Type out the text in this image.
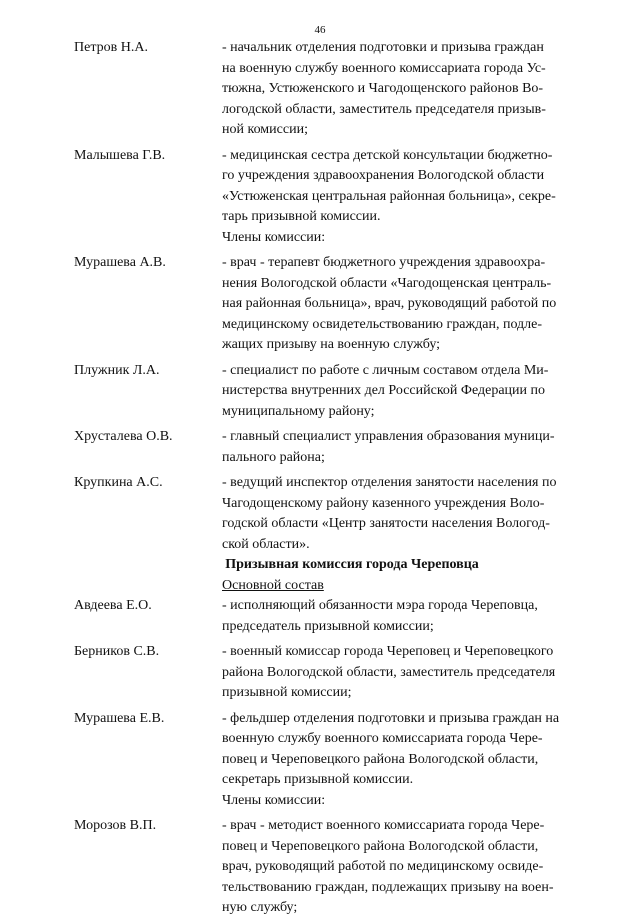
46
Петров Н.А.	- начальник отделения подготовки и призыва граждан
на военную службу военного комиссариата города Ус-
тюжна, Устюженского и Чагодощенского районов Во-
логодской области, заместитель председателя призыв-
ной комиссии;
Малышева Г.В.	- медицинская сестра детской консультации бюджетно-
го учреждения здравоохранения Вологодской области
«Устюженская центральная районная больница», секре-
тарь призывной комиссии.
Члены комиссии:
Мурашева А.В.	- врач - терапевт бюджетного учреждения здравоохра-
нения Вологодской области «Чагодощенская централь-
ная районная больница», врач, руководящий работой по
медицинскому освидетельствованию граждан, подле-
жащих призыву на военную службу;
Плужник Л.А.	- специалист по работе с личным составом отдела Ми-
нистерства внутренних дел Российской Федерации по
муниципальному району;
Хрусталева О.В.	- главный специалист управления образования муници-
пального района;
Крупкина А.С.	- ведущий инспектор отделения занятости населения по
Чагодощенскому району казенного учреждения Воло-
годской области «Центр занятости населения Вологод-
ской области».
Призывная комиссия города Череповца
Основной состав
Авдеева Е.О.	- исполняющий обязанности мэра города Череповца,
председатель призывной комиссии;
Берников С.В.	- военный комиссар города Череповец и Череповецкого
района Вологодской области, заместитель председателя
призывной комиссии;
Мурашева Е.В.	- фельдшер отделения подготовки и призыва граждан на
военную службу военного комиссариата города Чере-
повец и Череповецкого района Вологодской области,
секретарь призывной комиссии.
Члены комиссии:
Морозов В.П.	- врач - методист военного комиссариата города Чере-
повец и Череповецкого района Вологодской области,
врач, руководящий работой по медицинскому освиде-
тельствованию граждан, подлежащих призыву на воен-
ную службу;
